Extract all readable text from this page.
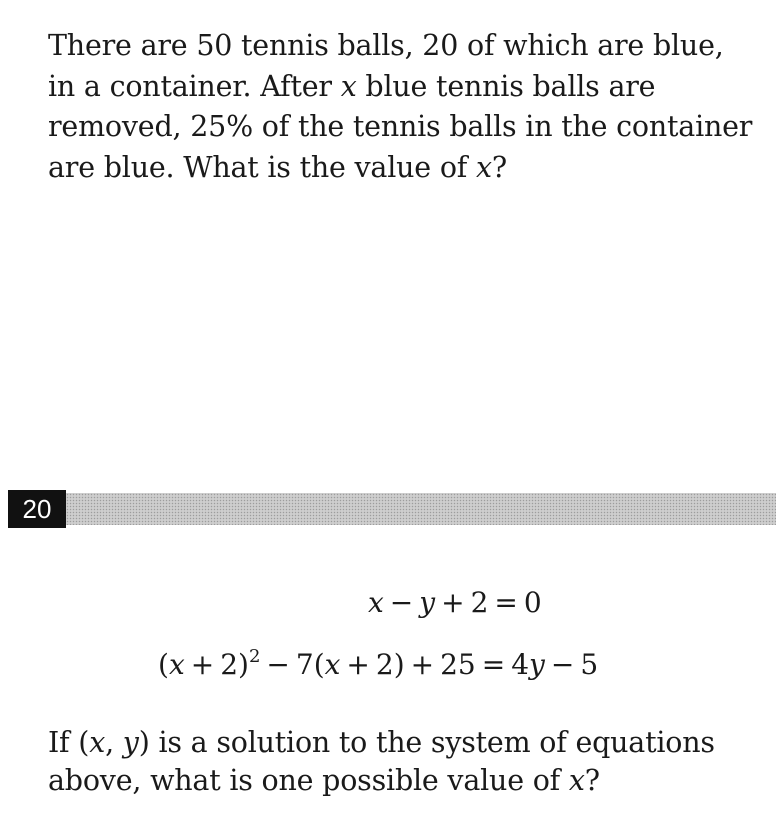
There are 50 tennis balls, 20 of which are blue, in a container. After x blue tennis balls are removed, 25% of the tennis balls in the container are blue. What is the value of x?
20
x − y + 2 = 0
$(x + 2)^2 - 7(x + 2) + 25 = 4y - 5$
If (x, y) is a solution to the system of equations above, what is one possible value of x?
